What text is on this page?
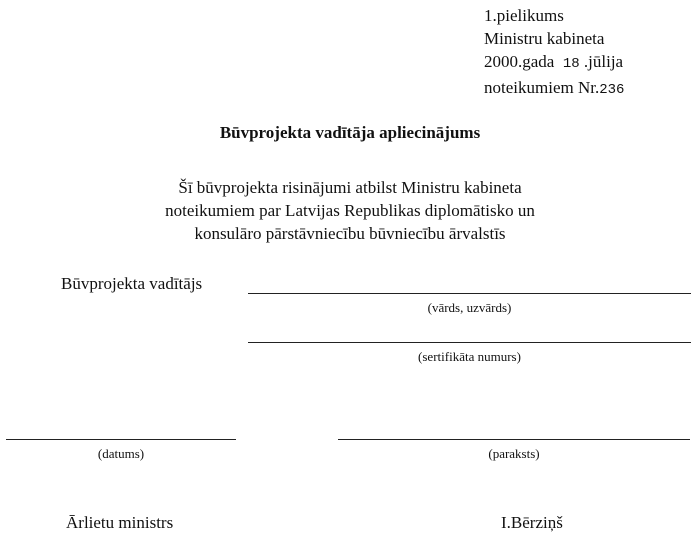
1.pielikums
Ministru kabineta
2000.gada 18 .jūlija
noteikumiem Nr.236
Būvprojekta vadītāja apliecinājums
Šī būvprojekta risinājumi atbilst Ministru kabineta
noteikumiem par Latvijas Republikas diplomātisko un
konsulāro pārstāvniecību būvniecību ārvalstīs
Būvprojekta vadītājs
(vārds, uzvārds)
(sertifikāta numurs)
(datums)	(paraksts)
Ārlietu ministrs	I.Bērziņš
